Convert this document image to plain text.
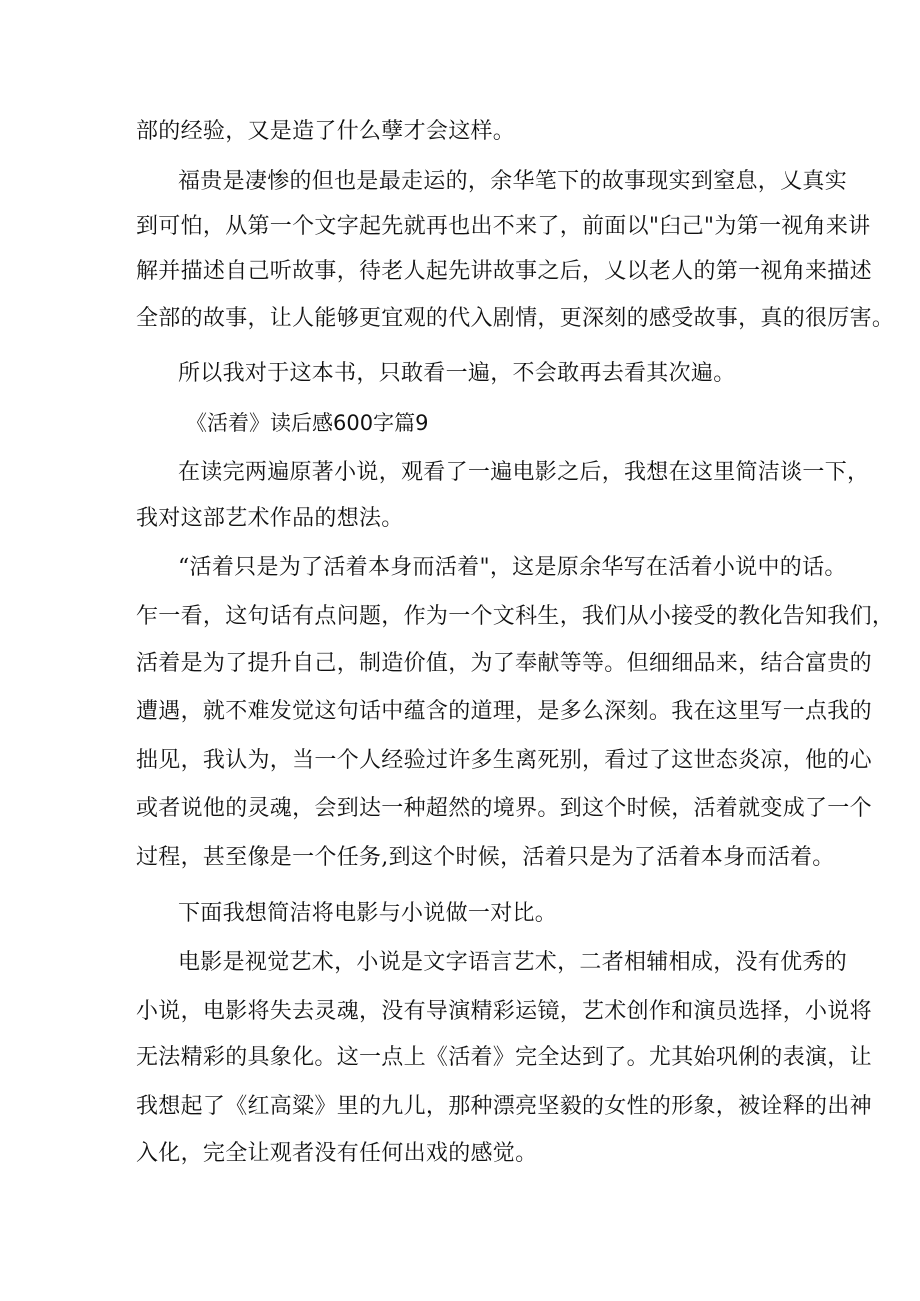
部的经验，又是造了什么孽才会这样。

福贵是凄惨的但也是最走运的，余华笔下的故事现实到窒息，乂真实

到可怕，从第一个文字起先就再也出不来了，前面以"臼己"为第一视角来讲

解并描述自己听故事，待老人起先讲故事之后，乂以老人的第一视角来描述

全部的故事，让人能够更宜观的代入剧情，更深刻的感受故事，真的很厉害。

所以我对于这本书，只敢看一遍，不会敢再去看其次遍。

《活着》读后感600字篇9

在读完两遍原著小说，观看了一遍电影之后，我想在这里简洁谈一下，

我对这部艺术作品的想法。

“活着只是为了活着本身而活着"，这是原余华写在活着小说中的话。

乍一看，这句话有点问题，作为一个文科生，我们从小接受的教化告知我们，

活着是为了提升自己，制造价值，为了奉献等等。但细细品来，结合富贵的

遭遇，就不难发觉这句话中蕴含的道理，是多么深刻。我在这里写一点我的

拙见，我认为，当一个人经验过许多生离死别，看过了这世态炎凉，他的心

或者说他的灵魂，会到达一种超然的境界。到这个时候，活着就变成了一个

过程，甚至像是一个任务,到这个时候，活着只是为了活着本身而活着。

下面我想简洁将电影与小说做一对比。

电影是视觉艺术，小说是文字语言艺术，二者相辅相成，没有优秀的

小说，电影将失去灵魂，没有导演精彩运镜，艺术创作和演员选择，小说将

无法精彩的具象化。这一点上《活着》完全达到了。尤其始巩俐的表演，让

我想起了《红高粱》里的九儿，那种漂亮坚毅的女性的形象，被诠释的出神

入化，完全让观者没有任何出戏的感觉。
